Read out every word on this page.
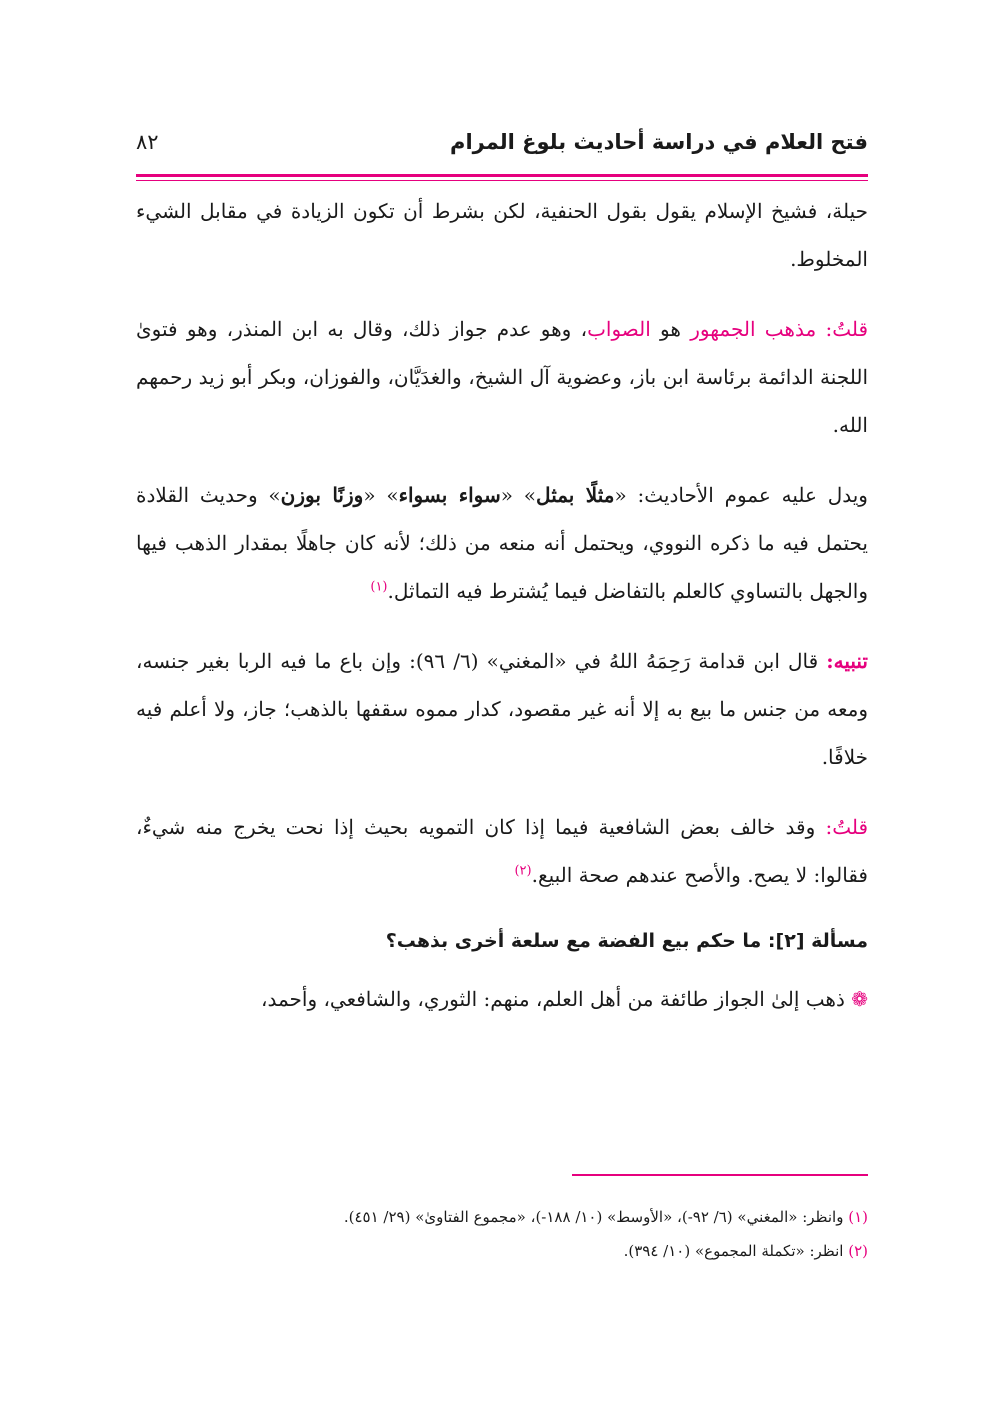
فتح العلام في دراسة أحاديث بلوغ المرام
٨٢

حيلة، فشيخ الإسلام يقول بقول الحنفية، لكن بشرط أن تكون الزيادة في مقابل الشيء المخلوط.

قلتُ: مذهب الجمهور هو الصواب، وهو عدم جواز ذلك، وقال به ابن المنذر، وهو فتوىٰ اللجنة الدائمة برئاسة ابن باز، وعضوية آل الشيخ، والغدَيَّان، والفوزان، وبكر أبو زيد رحمهم الله.

ويدل عليه عموم الأحاديث: «مثلًا بمثل» «سواء بسواء» «وزنًا بوزن» وحديث القلادة يحتمل فيه ما ذكره النووي، ويحتمل أنه منعه من ذلك؛ لأنه كان جاهلًا بمقدار الذهب فيها والجهل بالتساوي كالعلم بالتفاضل فيما يُشترط فيه التماثل.$^{(١)}$

تنبيه: قال ابن قدامة رَحِمَهُ اللهُ في «المغني» (٦/ ٩٦): وإن باع ما فيه الربا بغير جنسه، ومعه من جنس ما بيع به إلا أنه غير مقصود، كدار مموه سقفها بالذهب؛ جاز، ولا أعلم فيه خلافًا.

قلتُ: وقد خالف بعض الشافعية فيما إذا كان التمويه بحيث إذا نحت يخرج منه شيءٌ، فقالوا: لا يصح. والأصح عندهم صحة البيع.$^{(٢)}$

مسألة [٢]: ما حكم بيع الفضة مع سلعة أخرى بذهب؟

❁ ذهب إلىٰ الجواز طائفة من أهل العلم، منهم: الثوري، والشافعي، وأحمد،

(١) وانظر: «المغني» (٦/ ٩٢-)، «الأوسط» (١٠/ ١٨٨-)، «مجموع الفتاوىٰ» (٢٩/ ٤٥١).
(٢) انظر: «تكملة المجموع» (١٠/ ٣٩٤).
